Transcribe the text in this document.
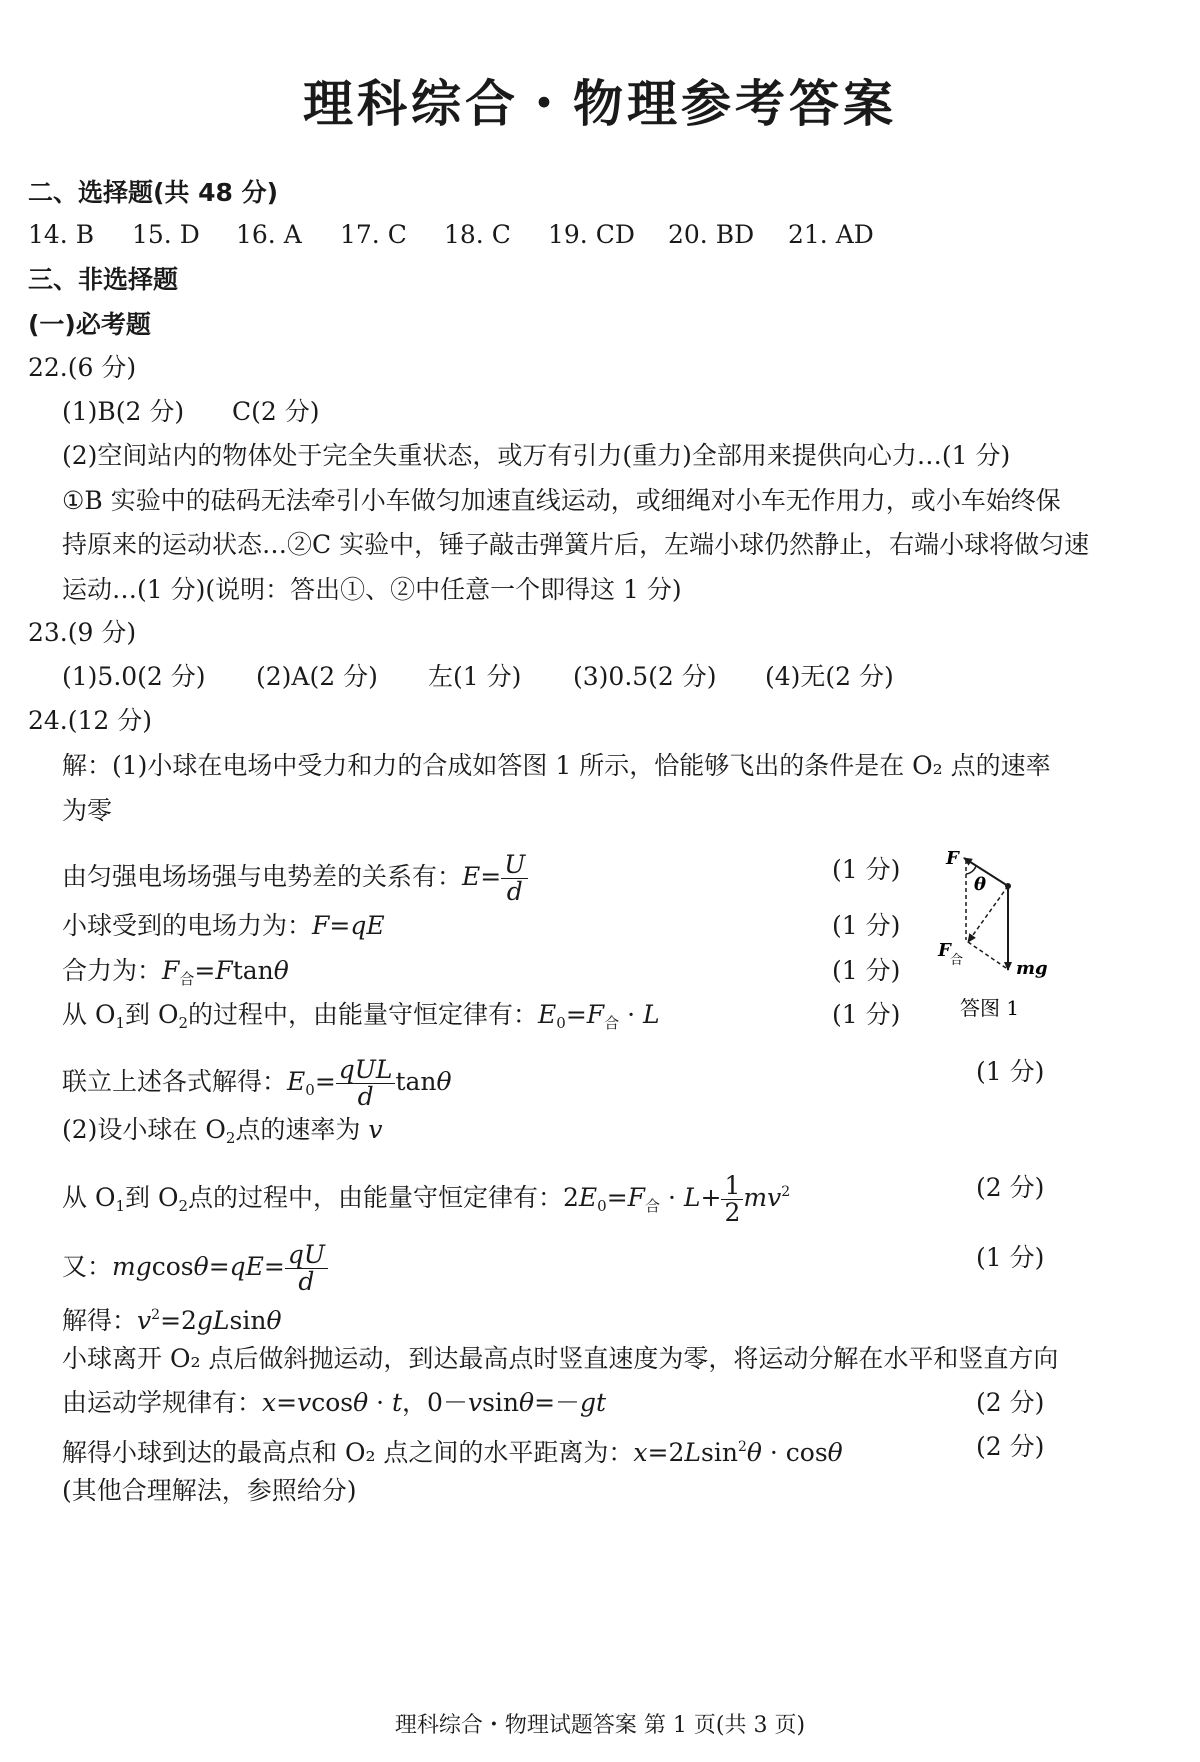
理科综合・物理参考答案
二、选择题(共 48 分)
14. B 15. D 16. A 17. C 18. C 19. CD 20. BD 21. AD
三、非选择题
(一)必考题
22.(6 分)
(1)B(2 分) C(2 分)
(2)空间站内的物体处于完全失重状态，或万有引力(重力)全部用来提供向心力…(1 分)
①B 实验中的砝码无法牵引小车做匀加速直线运动，或细绳对小车无作用力，或小车始终保
持原来的运动状态…②C 实验中，锤子敲击弹簧片后，左端小球仍然静止，右端小球将做匀速
运动…(1 分)(说明：答出①、②中任意一个即得这 1 分)
23.(9 分)
(1)5.0(2 分) (2)A(2 分) 左(1 分) (3)0.5(2 分) (4)无(2 分)
24.(12 分)
解：(1)小球在电场中受力和力的合成如答图 1 所示，恰能够飞出的条件是在 O₂ 点的速率
为零
由匀强电场场强与电势差的关系有：$E= \frac{U}{d}$	(1 分)
小球受到的电场力为：F=qE	(1 分)
合力为：$F_合=Ftan\theta$	(1 分)
从 $O_1$到 $O_2$的过程中，由能量守恒定律有：$E_0=F_合 \cdot L$	(1 分)
联立上述各式解得：$E_0= \frac{\text{qUL}}{d}$ tanθ	(1 分)
(2)设小球在 $O_2$点的速率为 v
从 $O_1$到 $O_2$点的过程中，由能量守恒定律有：$2E_0=F_合 \cdot L+ \frac{1}{2} mv^2$	(2 分)
又：$mgcos\theta=qE= \frac{qU}{d}$	(1 分)
解得：$v^2=2gLsin\theta$
小球离开 O₂ 点后做斜抛运动，到达最高点时竖直速度为零，将运动分解在水平和竖直方向
由运动学规律有：x=vcosθ · t，0－vsinθ=－gt	(2 分)
解得小球到达的最高点和 O₂ 点之间的水平距离为：x=2Lsin$^2$θ · cosθ	(2 分)
(其他合理解法，参照给分)
F
θ
F 合	mg
答图 1
理科综合・物理试题答案 第 1 页(共 3 页)
